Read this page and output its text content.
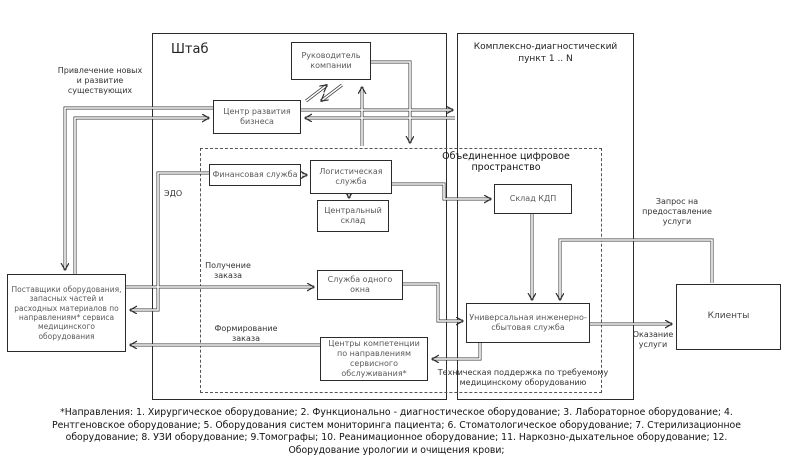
Штаб	Комплексно-диагностический пункт 1 .. N
Объединенное цифровое пространство
Руководитель компании
Центр развития бизнеса
Финансовая служба	Логистическая служба
Центральный склад
Склад КДП
Служба одного окна
Универсальная инженерно-сбытовая служба
Центры компетенции по направлениям сервисного обслуживания*
Поставщики оборудования, запасных частей и расходных материалов по направлениям* сервиса медицинского оборудования
Клиенты
Привлечение новых и развитие существующих
ЭДО
Получение заказа
Формирование заказа
Запрос на предоставление услуги
Оказание услуги
Техническая поддержка по требуемому медицинскому оборудованию
*Направления: 1. Хирургическое оборудование; 2. Функционально - диагностическое оборудование; 3. Лабораторное оборудование; 4. Рентгеновское оборудование; 5. Оборудования систем мониторинга пациента; 6. Стоматологическое оборудование; 7. Стерилизационное оборудование; 8. УЗИ оборудование; 9.Томографы; 10. Реанимационное оборудование; 11. Наркозно-дыхательное оборудование; 12. Оборудование урологии и очищения крови;
